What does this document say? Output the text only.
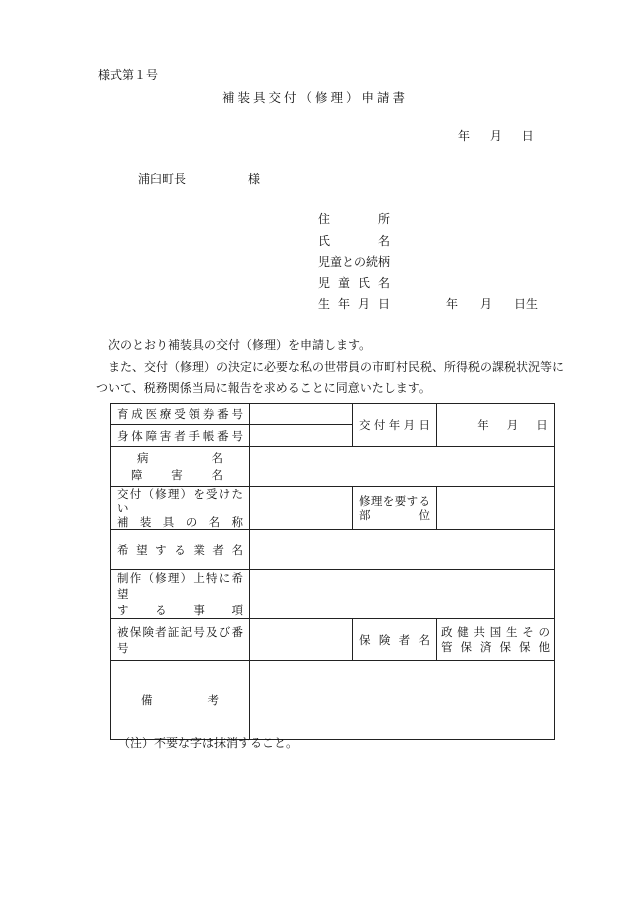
様式第１号
補装具交付（修理）申請書
年 月 日
浦臼町長	様
住所
氏名
児童との続柄
児童氏名
生年月日	年 月 日生
次のとおり補装具の交付（修理）を申請します。
また、交付（修理）の決定に必要な私の世帯員の市町村民税、所得税の課税状況等に
ついて、税務関係当局に報告を求めることに同意いたします。
育成医療受領券番号		交付年月日	年 月 日

身体障害者手帳番号			

病　名
障害名			

交付（修理）を受けたい
補装具の名称		修理を要する
部位	

希望する業者名			

制作（修理）上特に希望
する事項			

被保険者証記号及び番号		保険者名	政健共国生その
管保済保保他

備　　考			

（注）不要な字は抹消すること。
